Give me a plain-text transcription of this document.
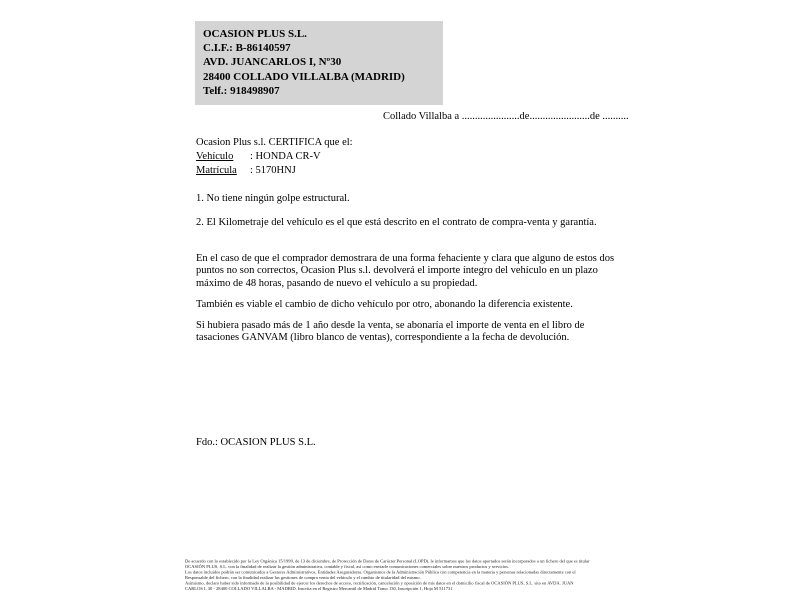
OCASION PLUS S.L.
C.I.F.: B-86140597
AVD. JUANCARLOS I, Nº30
28400 COLLADO VILLALBA (MADRID)
Telf.: 918498907
Collado Villalba a ......................de.......................de ..........
Ocasion Plus s.l. CERTIFICA que el:
Vehículo : HONDA CR-V
Matrícula : 5170HNJ
1. No tiene ningún golpe estructural.
2. El Kilometraje del vehículo es el que está descrito en el contrato de compra-venta y garantía.

En el caso de que el comprador demostrara de una forma fehaciente y clara que alguno de estos dos puntos no son correctos, Ocasion Plus s.l. devolverá el importe íntegro del vehículo en un plazo máximo de 48 horas, pasando de nuevo el vehículo a su propiedad.

También es viable el cambio de dicho vehículo por otro, abonando la diferencia existente.

Si hubiera pasado más de 1 año desde la venta, se abonaría el importe de venta en el libro de tasaciones GANVAM (libro blanco de ventas), correspondiente a la fecha de devolución.

Fdo.: OCASION PLUS S.L.
De acuerdo con lo establecido por la Ley Orgánica 15/1999, de 13 de diciembre, de Protección de Datos de Carácter Personal (LOPD), le informamos que los datos aportados serán incorporados a un fichero del que es titular
OCASIÓN PLUS, S.L. con la finalidad de realizar la gestión administrativa, contable y fiscal, así como enviarle comunicaciones comerciales sobre nuestros productos y servicios.
Los datos incluidos podrán ser comunicados a Gestores Administrativos, Entidades Aseguradoras, Organismos de la Administración Pública con competencia en la materia y personas relacionadas directamente con el
Responsable del fichero, con la finalidad realizar las gestiones de compra venta del vehículo y el cambio de titularidad del mismo.
Asimismo, declaro haber sido informado de la posibilidad de ejercer los derechos de acceso, rectificación, cancelación y oposición de mis datos en el domicilio fiscal de OCASIÓN PLUS, S.L. sito en AVDA. JUAN
CARLOS I, 30 - 28400 COLLADO VILLALBA - MADRID. Inscrita en el Registro Mercantil de Madrid Tomo 130, Inscripción 1, Hoja M 511731
